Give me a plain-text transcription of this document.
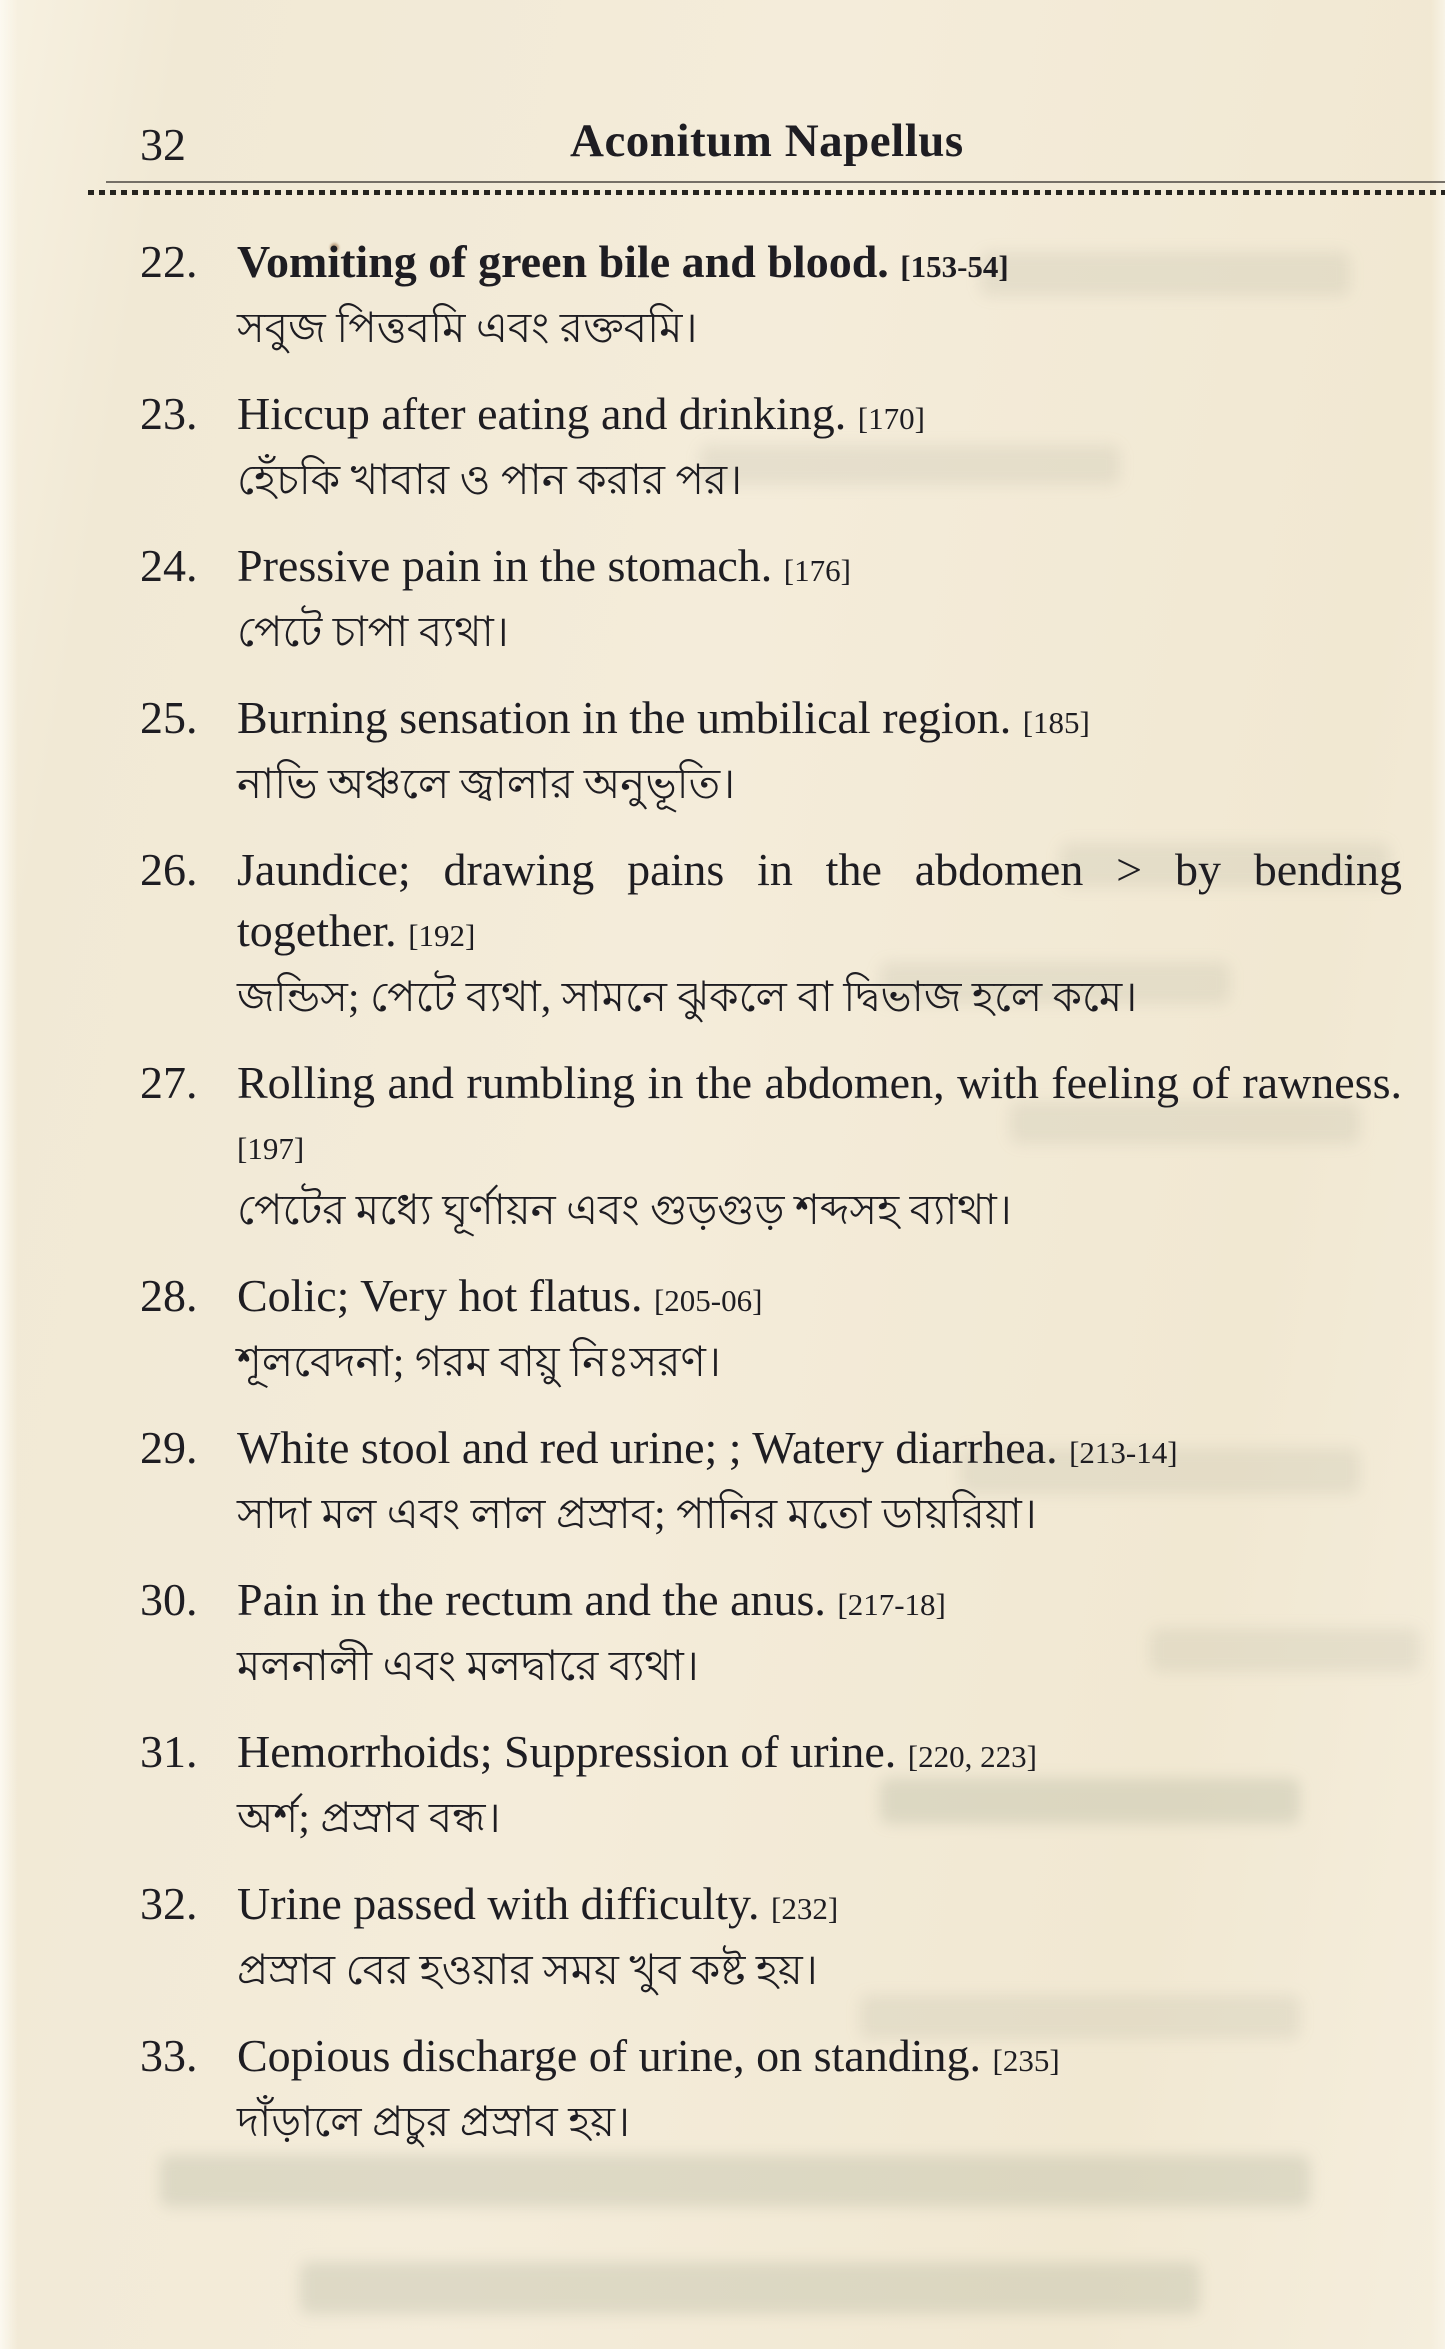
32	Aconitum Napellus
22. Vomiting of green bile and blood. [153-54]

সবুজ পিত্তবমি এবং রক্তবমি।

23. Hiccup after eating and drinking. [170]

হেঁচকি খাবার ও পান করার পর।

24. Pressive pain in the stomach. [176]

পেটে চাপা ব্যথা।

25. Burning sensation in the umbilical region. [185]

নাভি অঞ্চলে জ্বালার অনুভূতি।

26. Jaundice; drawing pains in the abdomen > by bending together. [192]

জন্ডিস; পেটে ব্যথা, সামনে ঝুকলে বা দ্বিভাজ হলে কমে।

27. Rolling and rumbling in the abdomen, with feeling of rawness. [197]

পেটের মধ্যে ঘূর্ণায়ন এবং গুড়গুড় শব্দসহ ব্যাথা।

28. Colic; Very hot flatus. [205-06]

শূলবেদনা; গরম বায়ু নিঃসরণ।

29. White stool and red urine; ; Watery diarrhea. [213-14]

সাদা মল এবং লাল প্রস্রাব; পানির মতো ডায়রিয়া।

30. Pain in the rectum and the anus. [217-18]

মলনালী এবং মলদ্বারে ব্যথা।

31. Hemorrhoids; Suppression of urine. [220, 223]

অর্শ; প্রস্রাব বন্ধ।

32. Urine passed with difficulty. [232]

প্রস্রাব বের হওয়ার সময় খুব কষ্ট হয়।

33. Copious discharge of urine, on standing. [235]

দাঁড়ালে প্রচুর প্রস্রাব হয়।
